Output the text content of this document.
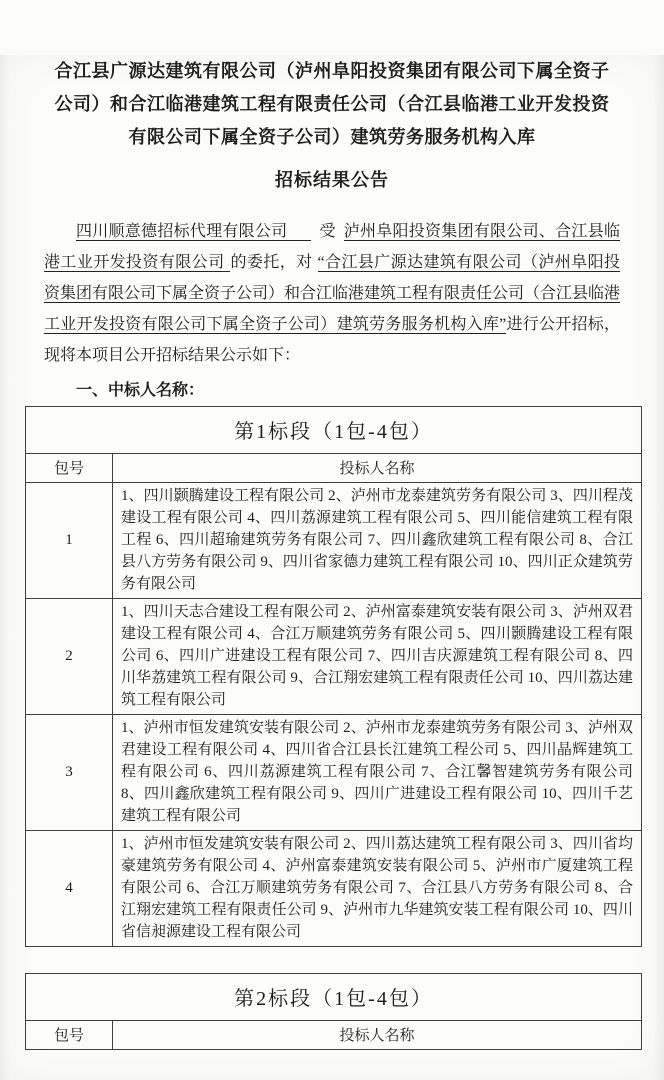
合江县广源达建筑有限公司（泸州阜阳投资集团有限公司下属全资子
公司）和合江临港建筑工程有限责任公司（合江县临港工业开发投资
有限公司下属全资子公司）建筑劳务服务机构入库
招标结果公告

四川顺意德招标代理有限公司 受 泸州阜阳投资集团有限公司、合江县临港工业开发投资有限公司 的委托，对 “合江县广源达建筑有限公司（泸州阜阳投资集团有限公司下属全资子公司）和合江临港建筑工程有限责任公司（合江县临港工业开发投资有限公司下属全资子公司）建筑劳务服务机构入库”进行公开招标，现将本项目公开招标结果公示如下：

一、中标人名称：
第1标段（1包-4包）	
包号	投标人名称
1	1、四川颢腾建设工程有限公司 2、泸州市龙泰建筑劳务有限公司 3、四川程茂建设工程有限公司 4、四川荔源建筑工程有限公司 5、四川能信建筑工程有限工程 6、四川超瑜建筑劳务有限公司 7、四川鑫欣建筑工程有限公司 8、合江县八方劳务有限公司 9、四川省家德力建筑工程有限公司 10、四川正众建筑劳务有限公司
2	1、四川天志合建设工程有限公司 2、泸州富泰建筑安装有限公司 3、泸州双君建设工程有限公司 4、合江万顺建筑劳务有限公司 5、四川颢腾建设工程有限公司 6、四川广进建设工程有限公司 7、四川吉庆源建筑工程有限公司 8、四川华荔建筑工程有限公司 9、合江翔宏建筑工程有限责任公司 10、四川荔达建筑工程有限公司
3	1、泸州市恒发建筑安装有限公司 2、泸州市龙泰建筑劳务有限公司 3、泸州双君建设工程有限公司 4、四川省合江县长江建筑工程公司 5、四川晶辉建筑工程有限公司 6、四川荔源建筑工程有限公司 7、合江馨智建筑劳务有限公司 8、四川鑫欣建筑工程有限公司 9、四川广进建设工程有限公司 10、四川千艺建筑工程有限公司
4	1、泸州市恒发建筑安装有限公司 2、四川荔达建筑工程有限公司 3、四川省均豪建筑劳务有限公司 4、泸州富泰建筑安装有限公司 5、泸州市广厦建筑工程有限公司 6、合江万顺建筑劳务有限公司 7、合江县八方劳务有限公司 8、合江翔宏建筑工程有限责任公司 9、泸州市九华建筑安装工程有限公司 10、四川省信昶源建设工程有限公司
第2标段（1包-4包）
包号	投标人名称
